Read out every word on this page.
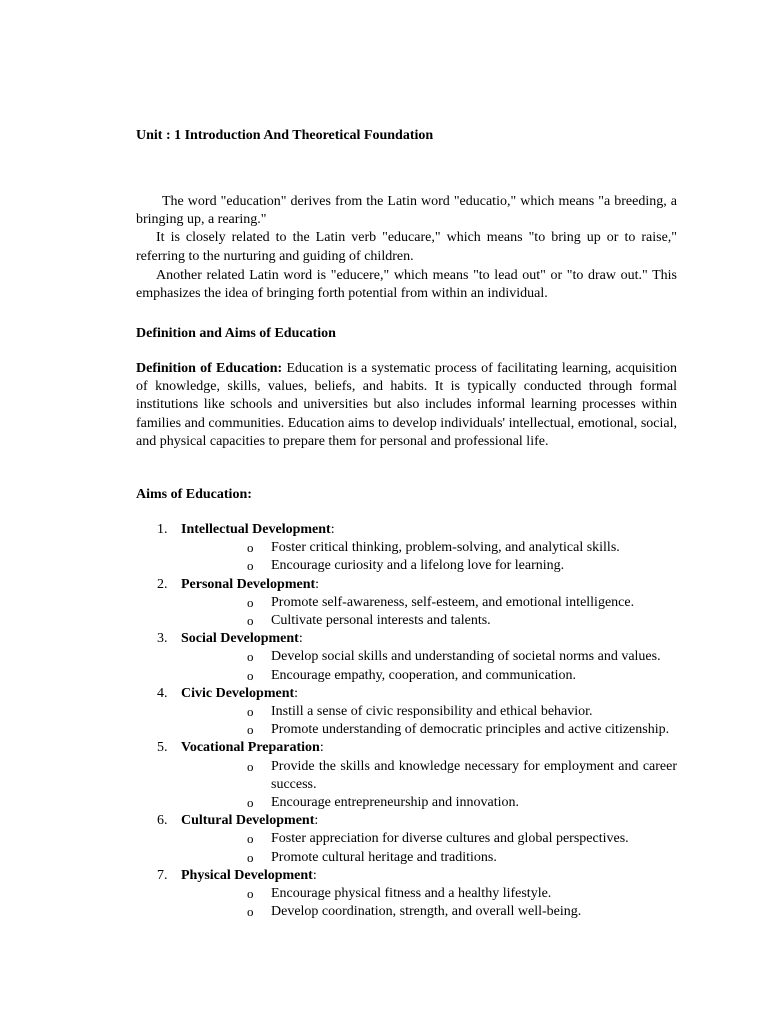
Unit : 1 Introduction And Theoretical Foundation

The word "education" derives from the Latin word "educatio," which means "a breeding, a bringing up, a rearing."

It is closely related to the Latin verb "educare," which means "to bring up or to raise," referring to the nurturing and guiding of children.

Another related Latin word is "educere," which means "to lead out" or "to draw out." This emphasizes the idea of bringing forth potential from within an individual.

Definition and Aims of Education

Definition of Education: Education is a systematic process of facilitating learning, acquisition of knowledge, skills, values, beliefs, and habits. It is typically conducted through formal institutions like schools and universities but also includes informal learning processes within families and communities. Education aims to develop individuals' intellectual, emotional, social, and physical capacities to prepare them for personal and professional life.

Aims of Education:
1. Intellectual Development:
o Foster critical thinking, problem-solving, and analytical skills.
o Encourage curiosity and a lifelong love for learning.
2. Personal Development:
o Promote self-awareness, self-esteem, and emotional intelligence.
o Cultivate personal interests and talents.
3. Social Development:
o Develop social skills and understanding of societal norms and values.
o Encourage empathy, cooperation, and communication.
4. Civic Development:
o Instill a sense of civic responsibility and ethical behavior.
o Promote understanding of democratic principles and active citizenship.
5. Vocational Preparation:
o Provide the skills and knowledge necessary for employment and career success.
o Encourage entrepreneurship and innovation.
6. Cultural Development:
o Foster appreciation for diverse cultures and global perspectives.
o Promote cultural heritage and traditions.
7. Physical Development:
o Encourage physical fitness and a healthy lifestyle.
o Develop coordination, strength, and overall well-being.
